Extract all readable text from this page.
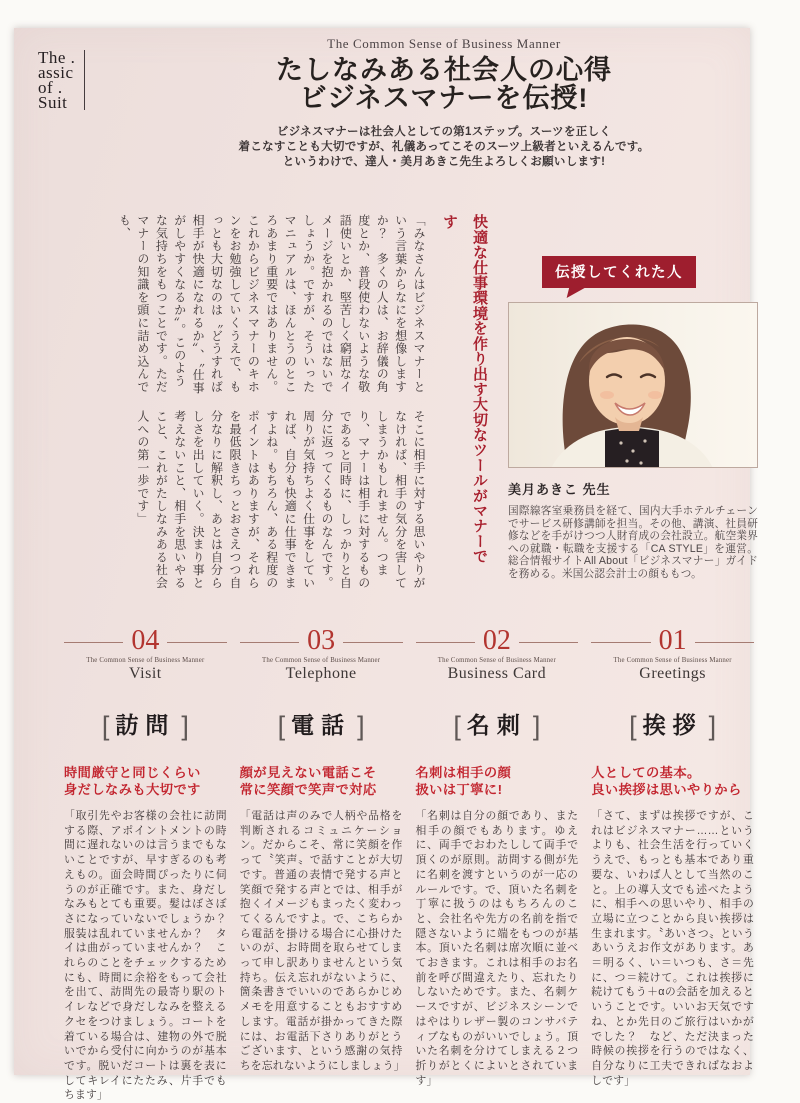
The .
assic
of .
Suit
The Common Sense of Business Manner
たしなみある社会人の心得
ビジネスマナーを伝授!
ビジネスマナーは社会人としての第1ステップ。スーツを正しく
着こなすことも大切ですが、礼儀あってこそのスーツ上級者といえるんです。
というわけで、達人・美月あきこ先生よろしくお願いします!
快適な仕事環境を作り出す大切なツールがマナーです
「みなさんはビジネスマナーという言葉からなにを想像しますか？　多くの人は、お辞儀の角度とか、普段使わないような敬語使いとか、堅苦しく窮屈なイメージを抱かれるのではないでしょうか。ですが、そういったマニュアルは、ほんとうのところあまり重要ではありません。これからビジネスマナーのキホンをお勉強していくうえで、もっとも大切なのは〝どうすれば相手が快適になれるか〟、〝仕事がしやすくなるか〟。このような気持ちをもつことです。ただマナーの知識を頭に詰め込んでも、
そこに相手に対する思いやりがなければ、相手の気分を害してしまうかもしれません。つまり、マナーは相手に対するものであると同時に、しっかりと自分に返ってくるものなんです。周りが気持ちよく仕事をしていれば、自分も快適に仕事できますよね。もちろん、ある程度のポイントはありますが、それらを最低限きちっとおさえつつ自分なりに解釈し、あとは自分らしさを出していく。決まり事と考えないこと、相手を思いやること、これがたしなみある社会人への第一歩です」
伝授してくれた人
美月あきこ 先生
国際線客室乗務員を経て、国内大手ホテルチェーンでサービス研修講師を担当。その他、講演、社員研修などを手がけつつ人財育成の会社設立。航空業界への就職・転職を支援する「CA STYLE」を運営。総合情報サイトAll About「ビジネスマナー」ガイドを務める。米国公認会計士の顔ももつ。
04
The Common Sense of Business Manner
Visit
[ 訪問 ]
時間厳守と同じくらい
身だしなみも大切です

「取引先やお客様の会社に訪問する際、アポイントメントの時間に遅れないのは言うまでもないことですが、早すぎるのも考えもの。面会時間ぴったりに伺うのが正確です。また、身だしなみもとても重要。髪はぼさぼさになっていないでしょうか？　服装は乱れていませんか？　タイは曲がっていませんか？　これらのことをチェックするためにも、時間に余裕をもって会社を出て、訪問先の最寄り駅のトイレなどで身だしなみを整えるクセをつけましょう。コートを着ている場合は、建物の外で脱いでから受付に向かうのが基本です。脱いだコートは裏を表にしてキレイにたたみ、片手でもちます」

03
The Common Sense of Business Manner
Telephone
[ 電話 ]
顔が見えない電話こそ
常に笑顔で笑声で対応

「電話は声のみで人柄や品格を判断されるコミュニケーション。だからこそ、常に笑顔を作って〝笑声〟で話すことが大切です。普通の表情で発する声と笑顔で発する声とでは、相手が抱くイメージもまったく変わってくるんですよ。で、こちらから電話を掛ける場合に心掛けたいのが、お時間を取らせてしまって申し訳ありませんという気持ち。伝え忘れがないように、箇条書きでいいのであらかじめメモを用意することもおすすめします。電話が掛かってきた際には、お電話下さりありがとうございます、という感謝の気持ちを忘れないようにしましょう」

02
The Common Sense of Business Manner
Business Card
[ 名刺 ]
名刺は相手の顔
扱いは丁寧に!

「名刺は自分の顔であり、また相手の顔でもあります。ゆえに、両手でおわたしして両手で頂くのが原則。訪問する側が先に名刺を渡すというのが一応のルールです。で、頂いた名刺を丁寧に扱うのはもちろんのこと、会社名や先方の名前を指で隠さないように端をもつのが基本。頂いた名刺は席次順に並べておきます。これは相手のお名前を呼び間違えたり、忘れたりしないためです。また、名刺ケースですが、ビジネスシーンではやはりレザー製のコンサバティブなものがいいでしょう。頂いた名刺を分けてしまえる２つ折りがとくによいとされています」

01
The Common Sense of Business Manner
Greetings
[ 挨拶 ]
人としての基本。
良い挨拶は思いやりから

「さて、まずは挨拶ですが、これはビジネスマナー……というよりも、社会生活を行っていくうえで、もっとも基本であり重要な、いわば人として当然のこと。上の導入文でも述べたように、相手への思いやり、相手の立場に立つことから良い挨拶は生まれます。〝あいさつ〟というあいうえお作文があります。あ＝明るく、い＝いつも、さ＝先に、つ＝続けて。これは挨拶に続けてもう＋αの会話を加えるということです。いいお天気ですね、とか先日のご旅行はいかがでした？　など、ただ決まった時候の挨拶を行うのではなく、自分なりに工夫できればなおよしです」
